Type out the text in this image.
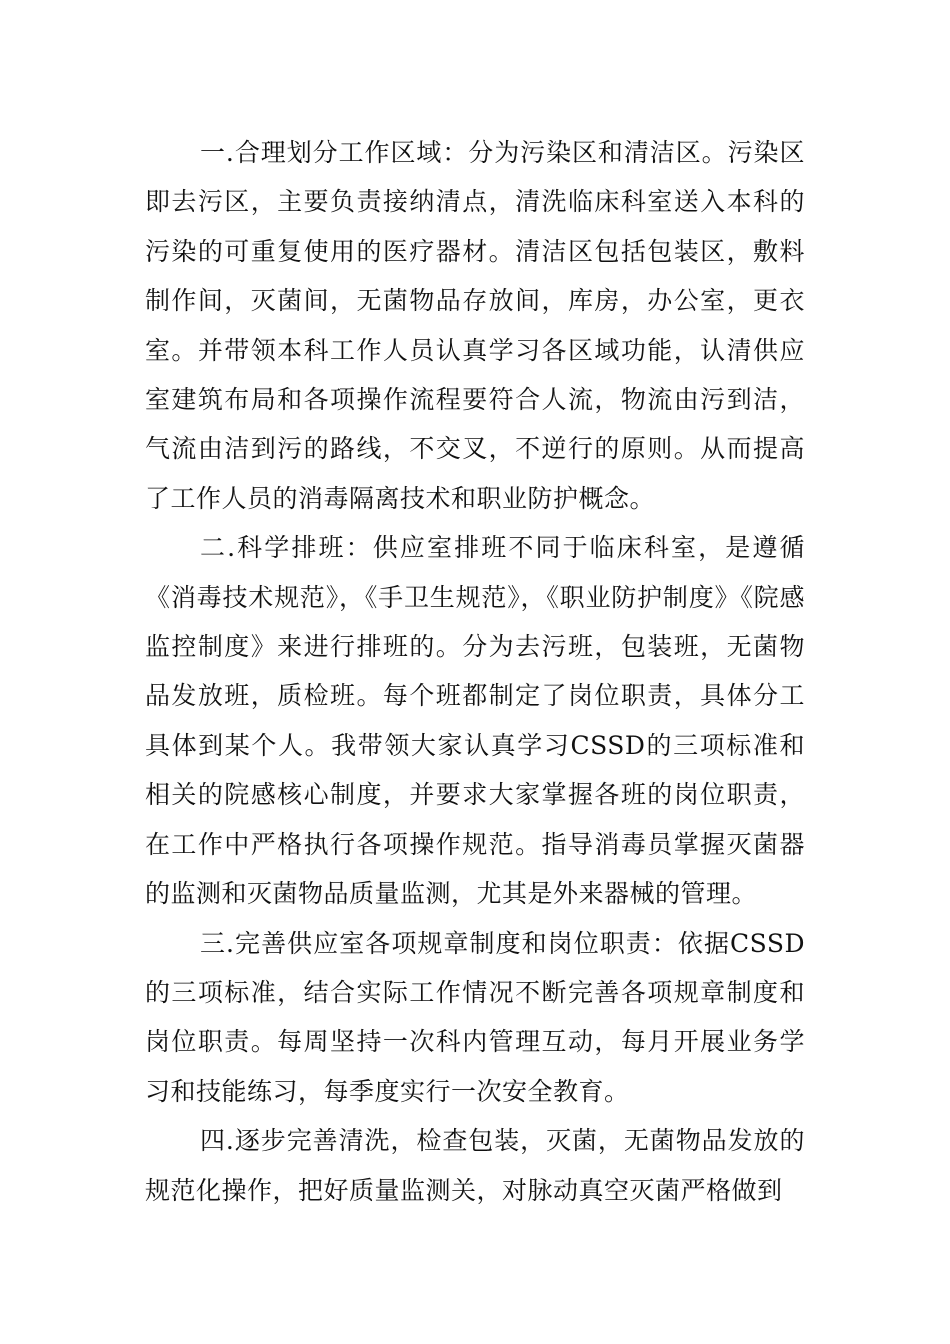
一.合理划分工作区域：分为污染区和清洁区。污染区即去污区，主要负责接纳清点，清洗临床科室送入本科的污染的可重复使用的医疗器材。清洁区包括包装区，敷料制作间，灭菌间，无菌物品存放间，库房，办公室，更衣室。并带领本科工作人员认真学习各区域功能，认清供应室建筑布局和各项操作流程要符合人流，物流由污到洁，气流由洁到污的路线，不交叉，不逆行的原则。从而提高了工作人员的消毒隔离技术和职业防护概念。

二.科学排班：供应室排班不同于临床科室，是遵循《消毒技术规范》，《手卫生规范》，《职业防护制度》《院感监控制度》来进行排班的。分为去污班，包装班，无菌物品发放班，质检班。每个班都制定了岗位职责，具体分工具体到某个人。我带领大家认真学习CSSD的三项标准和相关的院感核心制度，并要求大家掌握各班的岗位职责，在工作中严格执行各项操作规范。指导消毒员掌握灭菌器的监测和灭菌物品质量监测，尤其是外来器械的管理。

三.完善供应室各项规章制度和岗位职责：依据CSSD的三项标准，结合实际工作情况不断完善各项规章制度和岗位职责。每周坚持一次科内管理互动，每月开展业务学习和技能练习，每季度实行一次安全教育。

四.逐步完善清洗，检查包装，灭菌，无菌物品发放的规范化操作，把好质量监测关，对脉动真空灭菌严格做到
